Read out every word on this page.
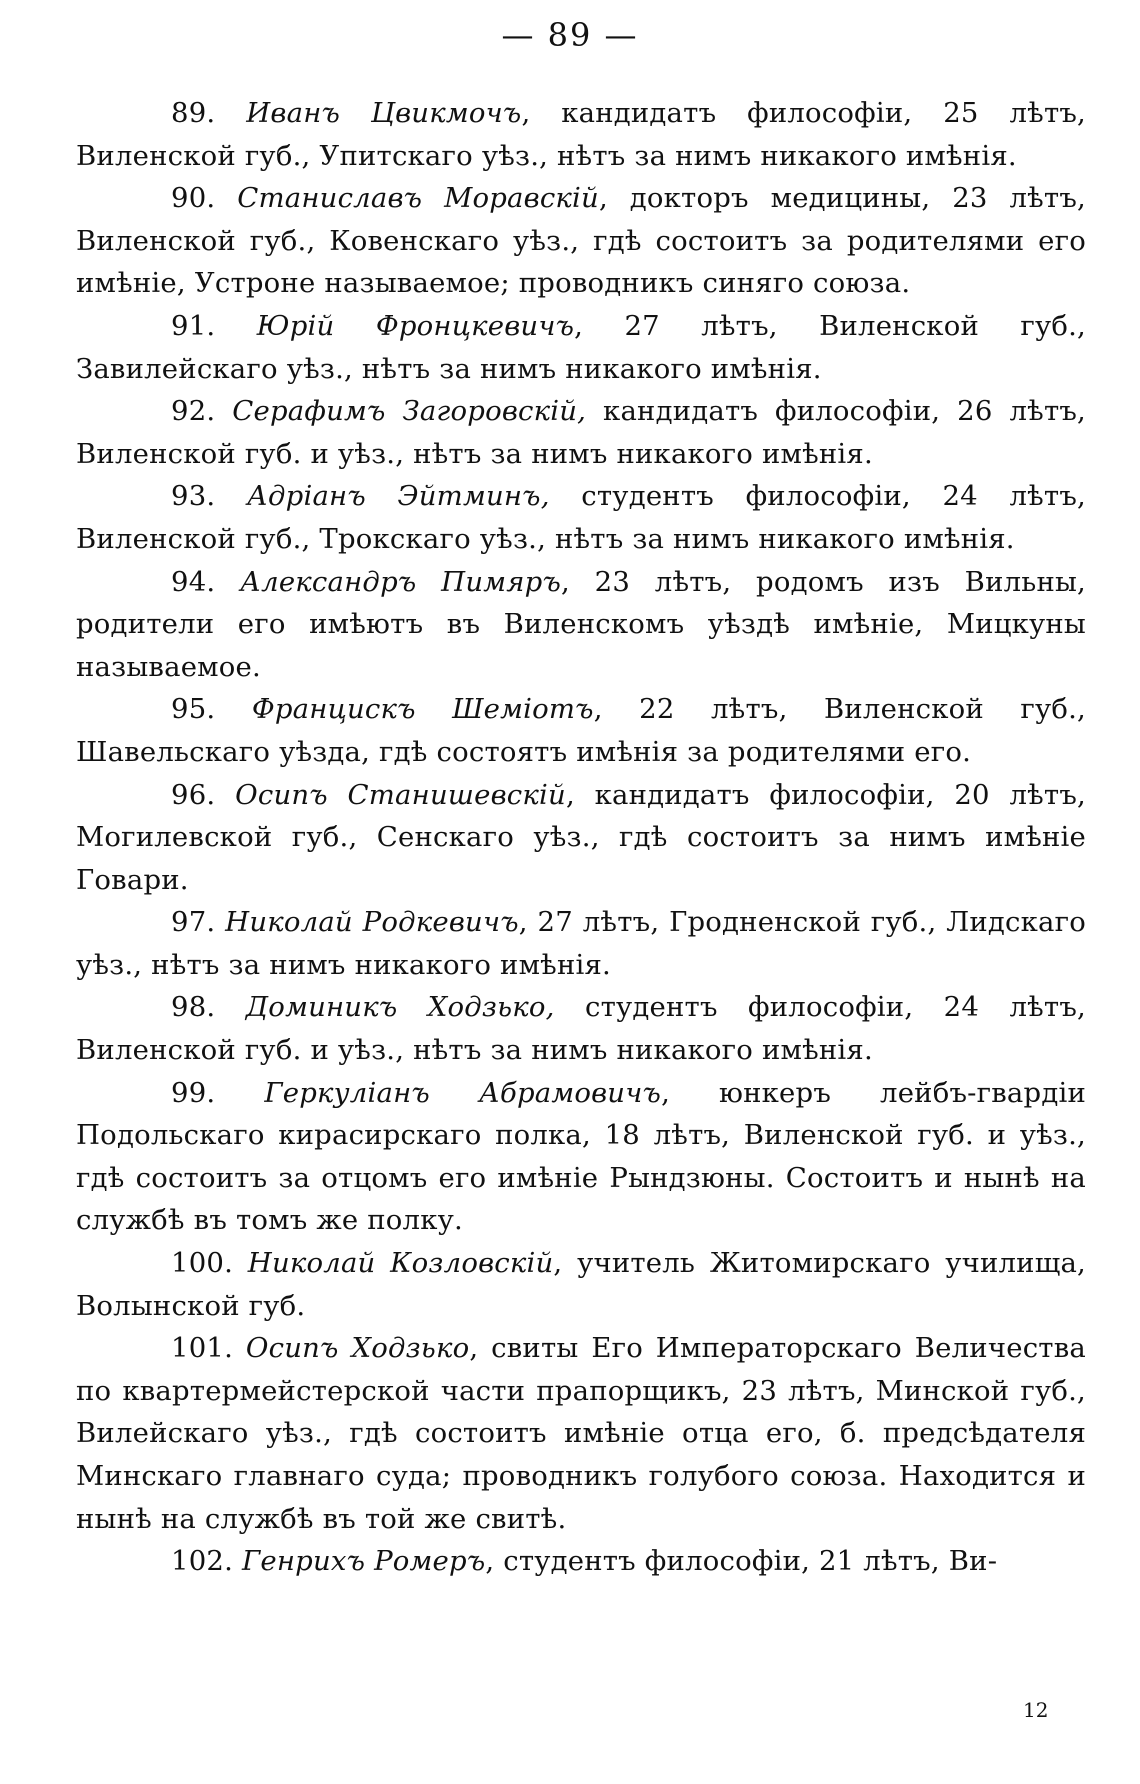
— 89 —

89. Иванъ Цвикмочъ, кандидатъ философіи, 25 лѣтъ, Виленской губ., Упитскаго уѣз., нѣтъ за нимъ никакого имѣнія.

90. Станиславъ Моравскій, докторъ медицины, 23 лѣтъ, Виленской губ., Ковенскаго уѣз., гдѣ состоитъ за родителями его имѣніе, Устроне называемое; проводникъ синяго союза.

91. Юрій Фронцкевичъ, 27 лѣтъ, Виленской губ., Завилейскаго уѣз., нѣтъ за нимъ никакого имѣнія.

92. Серафимъ Загоровскій, кандидатъ философіи, 26 лѣтъ, Виленской губ. и уѣз., нѣтъ за нимъ никакого имѣнія.

93. Адріанъ Эйтминъ, студентъ философіи, 24 лѣтъ, Виленской губ., Трокскаго уѣз., нѣтъ за нимъ никакого имѣнія.

94. Александръ Пимяръ, 23 лѣтъ, родомъ изъ Вильны, родители его имѣютъ въ Виленскомъ уѣздѣ имѣніе, Мицкуны называемое.

95. Францискъ Шеміотъ, 22 лѣтъ, Виленской губ., Шавельскаго уѣзда, гдѣ состоятъ имѣнія за родителями его.

96. Осипъ Станишевскій, кандидатъ философіи, 20 лѣтъ, Могилевской губ., Сенскаго уѣз., гдѣ состоитъ за нимъ имѣніе Говари.

97. Николай Родкевичъ, 27 лѣтъ, Гродненской губ., Лидскаго уѣз., нѣтъ за нимъ никакого имѣнія.

98. Доминикъ Ходзько, студентъ философіи, 24 лѣтъ, Виленской губ. и уѣз., нѣтъ за нимъ никакого имѣнія.

99. Геркуліанъ Абрамовичъ, юнкеръ лейбъ-гвардіи Подольскаго кирасирскаго полка, 18 лѣтъ, Виленской губ. и уѣз., гдѣ состоитъ за отцомъ его имѣніе Рындзюны. Состоитъ и нынѣ на службѣ въ томъ же полку.

100. Николай Козловскій, учитель Житомирскаго училища, Волынской губ.

101. Осипъ Ходзько, свиты Его Императорскаго Величества по квартермейстерской части прапорщикъ, 23 лѣтъ, Минской губ., Вилейскаго уѣз., гдѣ состоитъ имѣніе отца его, б. предсѣдателя Минскаго главнаго суда; проводникъ голубого союза. Находится и нынѣ на службѣ въ той же свитѣ.

102. Генрихъ Ромеръ, студентъ философіи, 21 лѣтъ, Ви-

12
